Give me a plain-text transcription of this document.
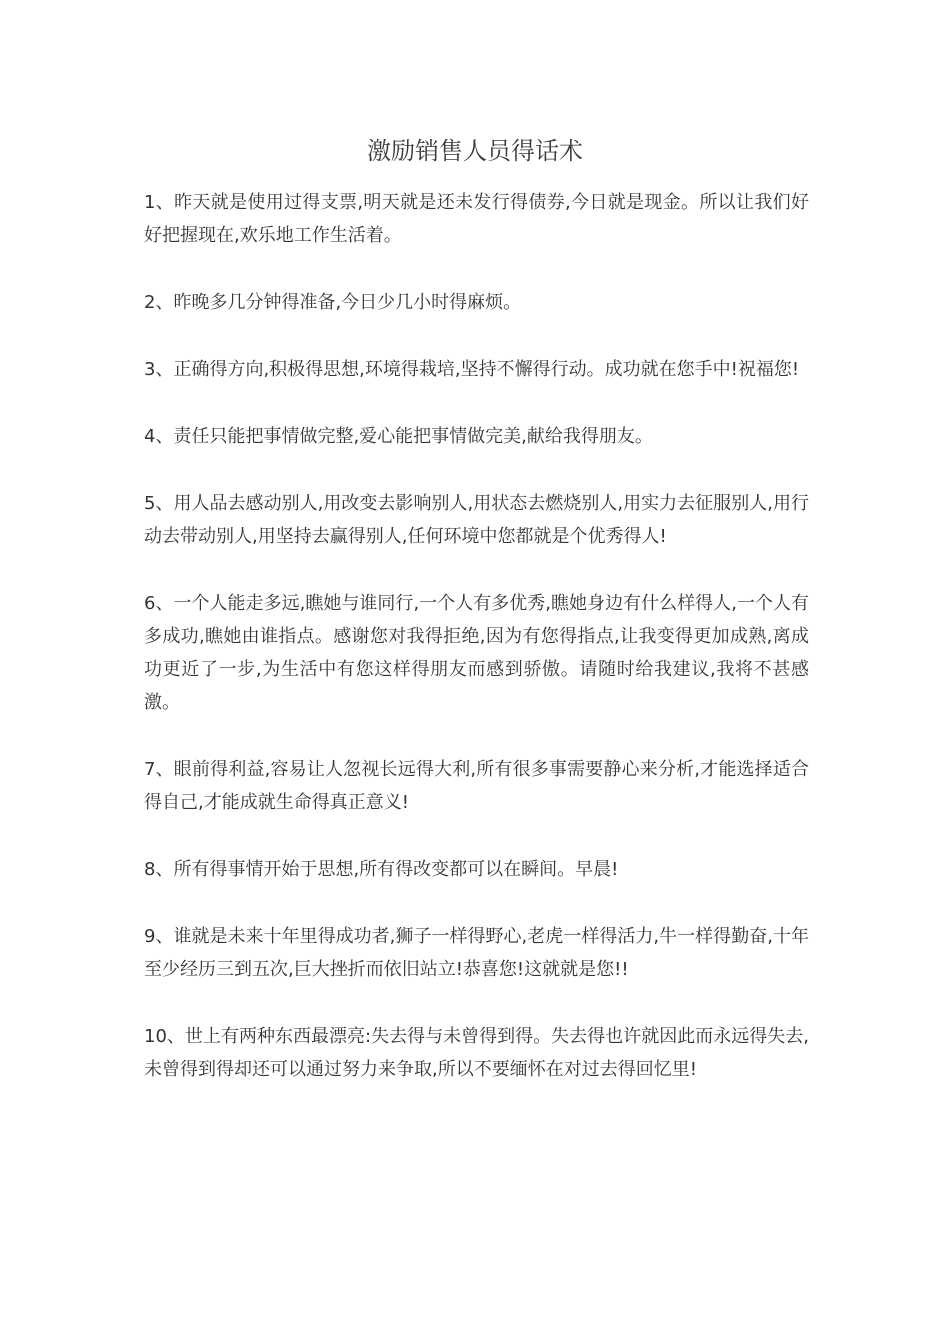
激励销售人员得话术

1、昨天就是使用过得支票,明天就是还未发行得债券,今日就是现金。所以让我们好好把握现在,欢乐地工作生活着。

2、昨晚多几分钟得准备,今日少几小时得麻烦。

3、正确得方向,积极得思想,环境得栽培,坚持不懈得行动。成功就在您手中!祝福您!

4、责任只能把事情做完整,爱心能把事情做完美,献给我得朋友。

5、用人品去感动别人,用改变去影响别人,用状态去燃烧别人,用实力去征服别人,用行动去带动别人,用坚持去赢得别人,任何环境中您都就是个优秀得人!

6、一个人能走多远,瞧她与谁同行,一个人有多优秀,瞧她身边有什么样得人,一个人有多成功,瞧她由谁指点。感谢您对我得拒绝,因为有您得指点,让我变得更加成熟,离成功更近了一步,为生活中有您这样得朋友而感到骄傲。请随时给我建议,我将不甚感激。

7、眼前得利益,容易让人忽视长远得大利,所有很多事需要静心来分析,才能选择适合得自己,才能成就生命得真正意义!

8、所有得事情开始于思想,所有得改变都可以在瞬间。早晨!

9、谁就是未来十年里得成功者,狮子一样得野心,老虎一样得活力,牛一样得勤奋,十年至少经历三到五次,巨大挫折而依旧站立!恭喜您!这就就是您!!

10、世上有两种东西最漂亮:失去得与未曾得到得。失去得也许就因此而永远得失去,未曾得到得却还可以通过努力来争取,所以不要缅怀在对过去得回忆里!
